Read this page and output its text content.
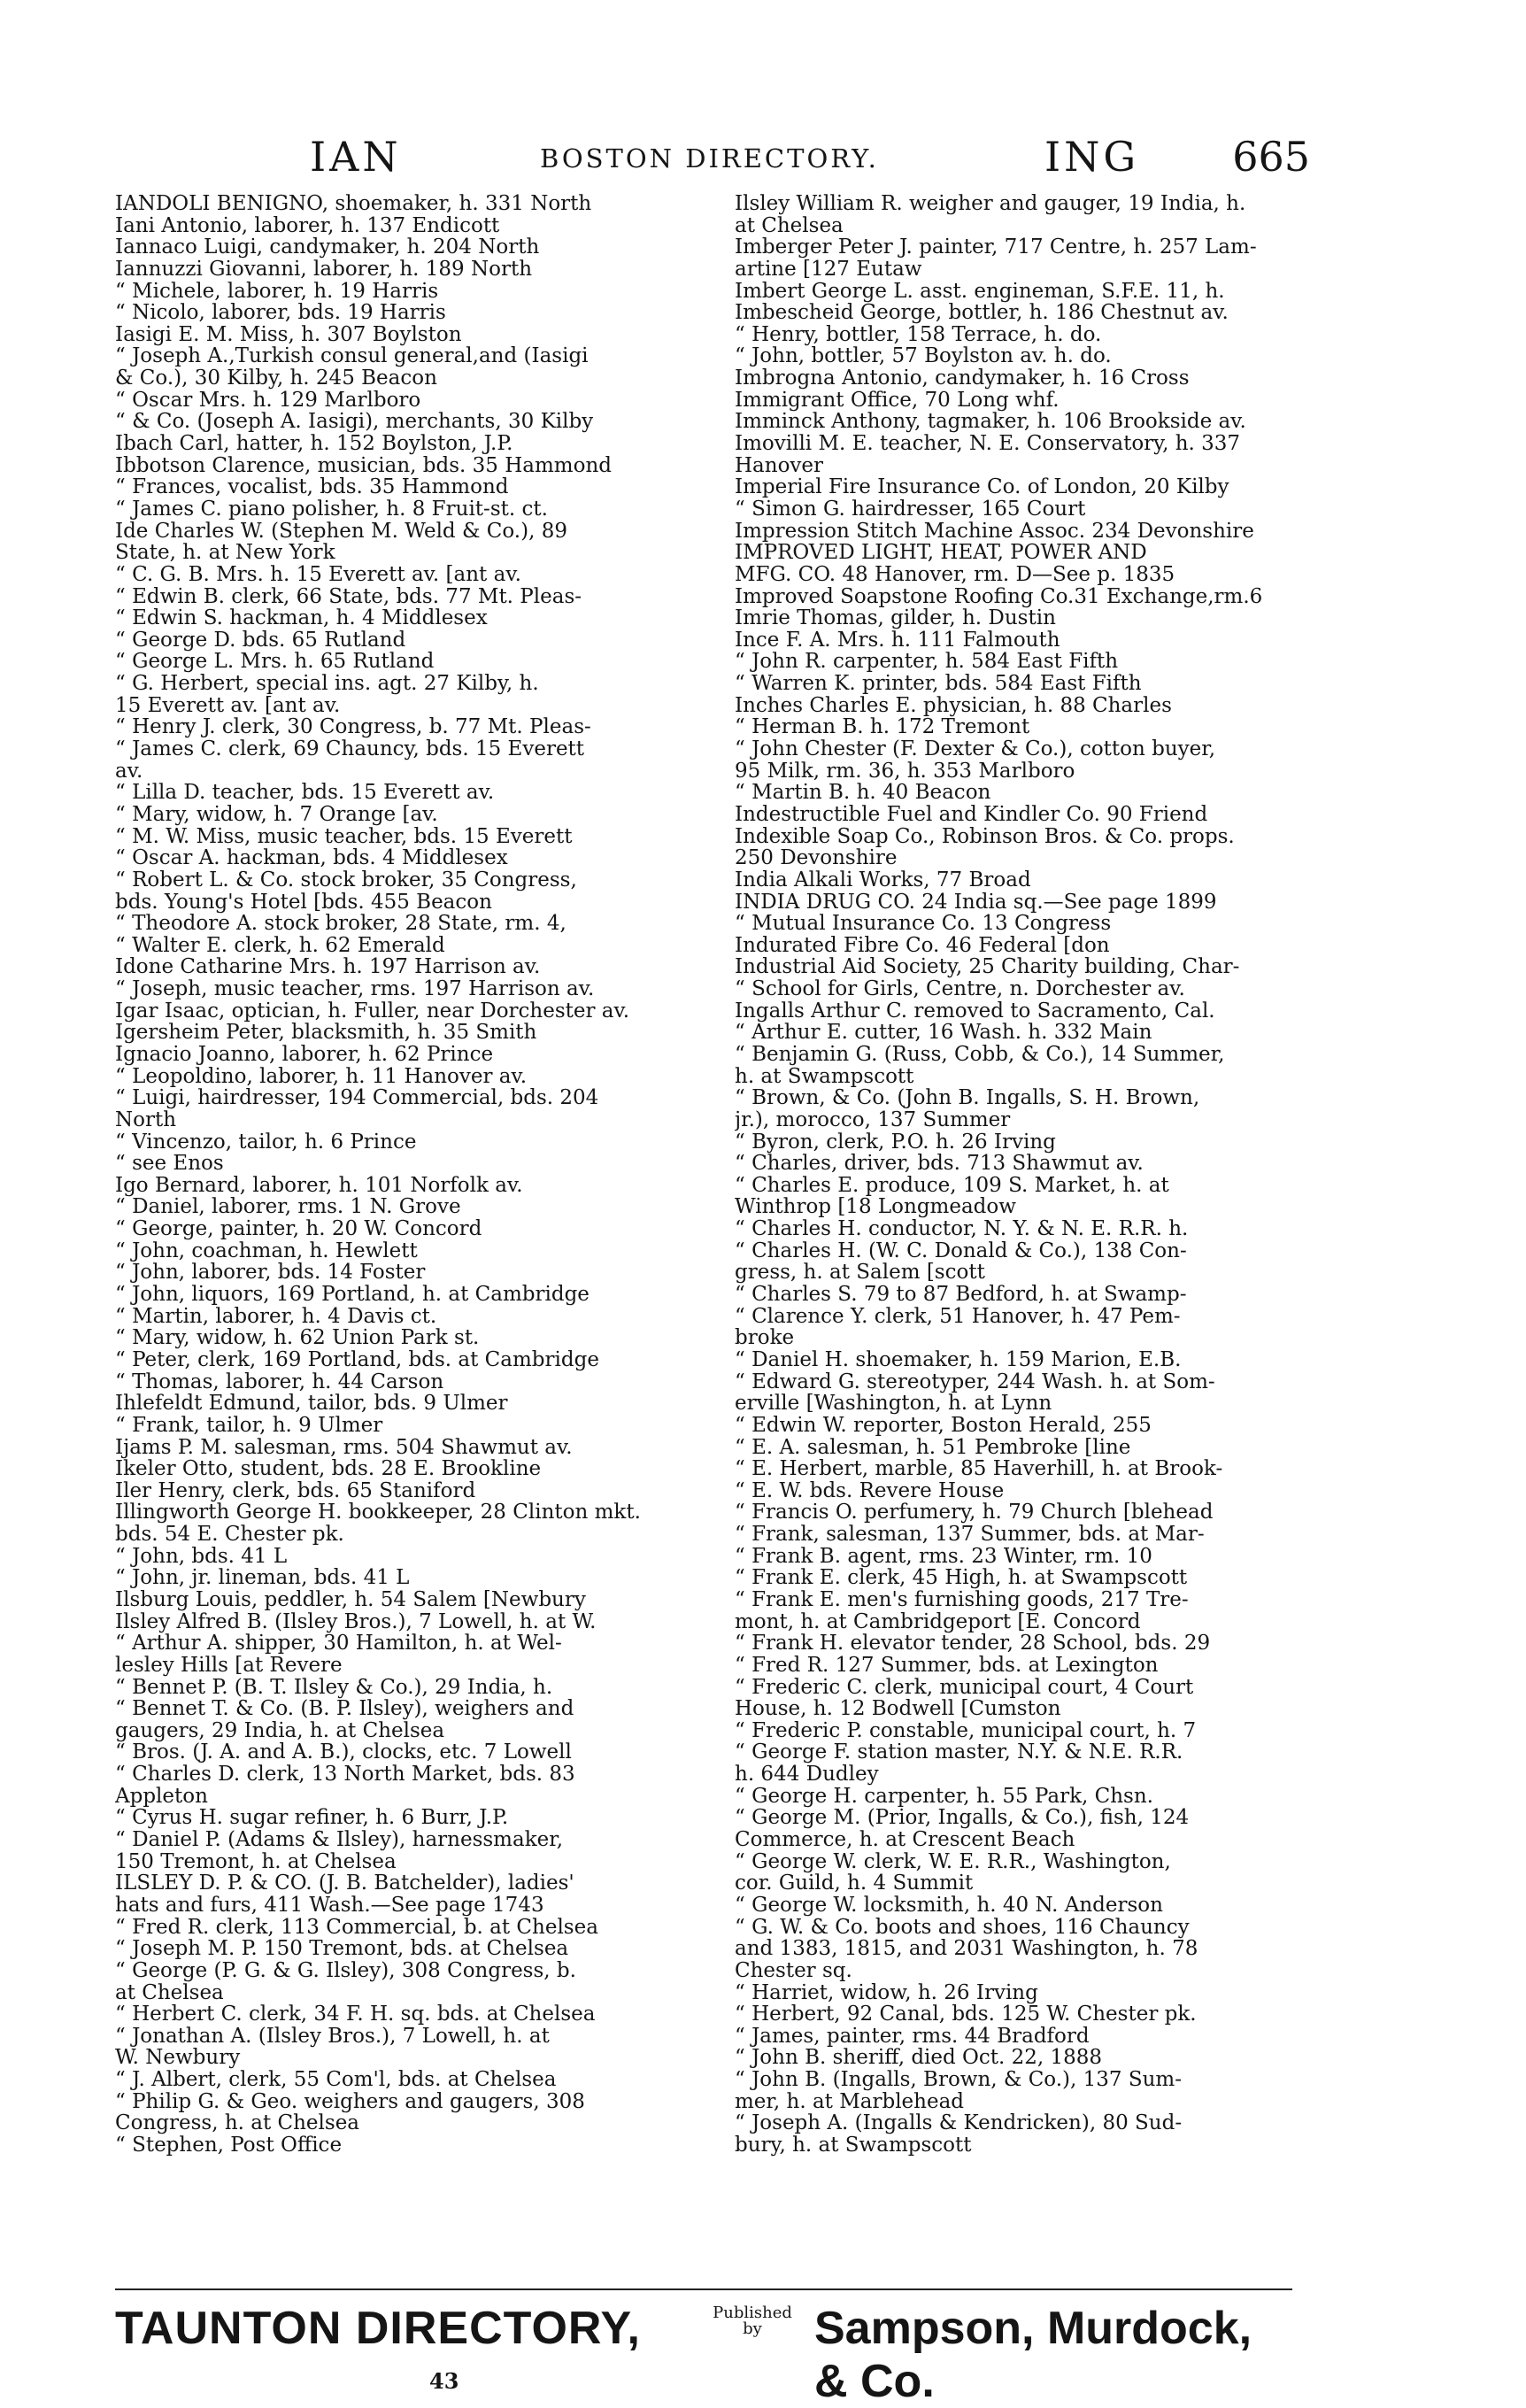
IAN	BOSTON DIRECTORY.	ING 665
IANDOLI BENIGNO, shoemaker, h. 331 North
Iani Antonio, laborer, h. 137 Endicott
Iannaco Luigi, candymaker, h. 204 North
Iannuzzi Giovanni, laborer, h. 189 North
“ Michele, laborer, h. 19 Harris
“ Nicolo, laborer, bds. 19 Harris
Iasigi E. M. Miss, h. 307 Boylston
“ Joseph A.,Turkish consul general,and (Iasigi
& Co.), 30 Kilby, h. 245 Beacon
“ Oscar Mrs. h. 129 Marlboro
“ & Co. (Joseph A. Iasigi), merchants, 30 Kilby
Ibach Carl, hatter, h. 152 Boylston, J.P.
Ibbotson Clarence, musician, bds. 35 Hammond
“ Frances, vocalist, bds. 35 Hammond
“ James C. piano polisher, h. 8 Fruit-st. ct.
Ide Charles W. (Stephen M. Weld & Co.), 89
State, h. at New York
“ C. G. B. Mrs. h. 15 Everett av. [ant av.
“ Edwin B. clerk, 66 State, bds. 77 Mt. Pleas-
“ Edwin S. hackman, h. 4 Middlesex
“ George D. bds. 65 Rutland
“ George L. Mrs. h. 65 Rutland
“ G. Herbert, special ins. agt. 27 Kilby, h.
15 Everett av. [ant av.
“ Henry J. clerk, 30 Congress, b. 77 Mt. Pleas-
“ James C. clerk, 69 Chauncy, bds. 15 Everett
av.
“ Lilla D. teacher, bds. 15 Everett av.
“ Mary, widow, h. 7 Orange [av.
“ M. W. Miss, music teacher, bds. 15 Everett
“ Oscar A. hackman, bds. 4 Middlesex
“ Robert L. & Co. stock broker, 35 Congress,
bds. Young's Hotel [bds. 455 Beacon
“ Theodore A. stock broker, 28 State, rm. 4,
“ Walter E. clerk, h. 62 Emerald
Idone Catharine Mrs. h. 197 Harrison av.
“ Joseph, music teacher, rms. 197 Harrison av.
Igar Isaac, optician, h. Fuller, near Dorchester av.
Igersheim Peter, blacksmith, h. 35 Smith
Ignacio Joanno, laborer, h. 62 Prince
“ Leopoldino, laborer, h. 11 Hanover av.
“ Luigi, hairdresser, 194 Commercial, bds. 204
North
“ Vincenzo, tailor, h. 6 Prince
“ see Enos
Igo Bernard, laborer, h. 101 Norfolk av.
“ Daniel, laborer, rms. 1 N. Grove
“ George, painter, h. 20 W. Concord
“ John, coachman, h. Hewlett
“ John, laborer, bds. 14 Foster
“ John, liquors, 169 Portland, h. at Cambridge
“ Martin, laborer, h. 4 Davis ct.
“ Mary, widow, h. 62 Union Park st.
“ Peter, clerk, 169 Portland, bds. at Cambridge
“ Thomas, laborer, h. 44 Carson
Ihlefeldt Edmund, tailor, bds. 9 Ulmer
“ Frank, tailor, h. 9 Ulmer
Ijams P. M. salesman, rms. 504 Shawmut av.
Ikeler Otto, student, bds. 28 E. Brookline
Iler Henry, clerk, bds. 65 Staniford
Illingworth George H. bookkeeper, 28 Clinton mkt.
bds. 54 E. Chester pk.
“ John, bds. 41 L
“ John, jr. lineman, bds. 41 L
Ilsburg Louis, peddler, h. 54 Salem [Newbury
Ilsley Alfred B. (Ilsley Bros.), 7 Lowell, h. at W.
“ Arthur A. shipper, 30 Hamilton, h. at Wel-
lesley Hills [at Revere
“ Bennet P. (B. T. Ilsley & Co.), 29 India, h.
“ Bennet T. & Co. (B. P. Ilsley), weighers and
gaugers, 29 India, h. at Chelsea
“ Bros. (J. A. and A. B.), clocks, etc. 7 Lowell
“ Charles D. clerk, 13 North Market, bds. 83
Appleton
“ Cyrus H. sugar refiner, h. 6 Burr, J.P.
“ Daniel P. (Adams & Ilsley), harnessmaker,
150 Tremont, h. at Chelsea
ILSLEY D. P. & CO. (J. B. Batchelder), ladies'
hats and furs, 411 Wash.—See page 1743
“ Fred R. clerk, 113 Commercial, b. at Chelsea
“ Joseph M. P. 150 Tremont, bds. at Chelsea
“ George (P. G. & G. Ilsley), 308 Congress, b.
at Chelsea
“ Herbert C. clerk, 34 F. H. sq. bds. at Chelsea
“ Jonathan A. (Ilsley Bros.), 7 Lowell, h. at
W. Newbury
“ J. Albert, clerk, 55 Com'l, bds. at Chelsea
“ Philip G. & Geo. weighers and gaugers, 308
Congress, h. at Chelsea
“ Stephen, Post Office
Ilsley William R. weigher and gauger, 19 India, h.
at Chelsea
Imberger Peter J. painter, 717 Centre, h. 257 Lam-
artine [127 Eutaw
Imbert George L. asst. engineman, S.F.E. 11, h.
Imbescheid George, bottler, h. 186 Chestnut av.
“ Henry, bottler, 158 Terrace, h. do.
“ John, bottler, 57 Boylston av. h. do.
Imbrogna Antonio, candymaker, h. 16 Cross
Immigrant Office, 70 Long whf.
Imminck Anthony, tagmaker, h. 106 Brookside av.
Imovilli M. E. teacher, N. E. Conservatory, h. 337
Hanover
Imperial Fire Insurance Co. of London, 20 Kilby
“ Simon G. hairdresser, 165 Court
Impression Stitch Machine Assoc. 234 Devonshire
IMPROVED LIGHT, HEAT, POWER AND
MFG. CO. 48 Hanover, rm. D—See p. 1835
Improved Soapstone Roofing Co.31 Exchange,rm.6
Imrie Thomas, gilder, h. Dustin
Ince F. A. Mrs. h. 111 Falmouth
“ John R. carpenter, h. 584 East Fifth
“ Warren K. printer, bds. 584 East Fifth
Inches Charles E. physician, h. 88 Charles
“ Herman B. h. 172 Tremont
“ John Chester (F. Dexter & Co.), cotton buyer,
95 Milk, rm. 36, h. 353 Marlboro
“ Martin B. h. 40 Beacon
Indestructible Fuel and Kindler Co. 90 Friend
Indexible Soap Co., Robinson Bros. & Co. props.
250 Devonshire
India Alkali Works, 77 Broad
INDIA DRUG CO. 24 India sq.—See page 1899
“ Mutual Insurance Co. 13 Congress
Indurated Fibre Co. 46 Federal [don
Industrial Aid Society, 25 Charity building, Char-
“ School for Girls, Centre, n. Dorchester av.
Ingalls Arthur C. removed to Sacramento, Cal.
“ Arthur E. cutter, 16 Wash. h. 332 Main
“ Benjamin G. (Russ, Cobb, & Co.), 14 Summer,
h. at Swampscott
“ Brown, & Co. (John B. Ingalls, S. H. Brown,
jr.), morocco, 137 Summer
“ Byron, clerk, P.O. h. 26 Irving
“ Charles, driver, bds. 713 Shawmut av.
“ Charles E. produce, 109 S. Market, h. at
Winthrop [18 Longmeadow
“ Charles H. conductor, N. Y. & N. E. R.R. h.
“ Charles H. (W. C. Donald & Co.), 138 Con-
gress, h. at Salem [scott
“ Charles S. 79 to 87 Bedford, h. at Swamp-
“ Clarence Y. clerk, 51 Hanover, h. 47 Pem-
broke
“ Daniel H. shoemaker, h. 159 Marion, E.B.
“ Edward G. stereotyper, 244 Wash. h. at Som-
erville [Washington, h. at Lynn
“ Edwin W. reporter, Boston Herald, 255
“ E. A. salesman, h. 51 Pembroke [line
“ E. Herbert, marble, 85 Haverhill, h. at Brook-
“ E. W. bds. Revere House
“ Francis O. perfumery, h. 79 Church [blehead
“ Frank, salesman, 137 Summer, bds. at Mar-
“ Frank B. agent, rms. 23 Winter, rm. 10
“ Frank E. clerk, 45 High, h. at Swampscott
“ Frank E. men's furnishing goods, 217 Tre-
mont, h. at Cambridgeport [E. Concord
“ Frank H. elevator tender, 28 School, bds. 29
“ Fred R. 127 Summer, bds. at Lexington
“ Frederic C. clerk, municipal court, 4 Court
House, h. 12 Bodwell [Cumston
“ Frederic P. constable, municipal court, h. 7
“ George F. station master, N.Y. & N.E. R.R.
h. 644 Dudley
“ George H. carpenter, h. 55 Park, Chsn.
“ George M. (Prior, Ingalls, & Co.), fish, 124
Commerce, h. at Crescent Beach
“ George W. clerk, W. E. R.R., Washington,
cor. Guild, h. 4 Summit
“ George W. locksmith, h. 40 N. Anderson
“ G. W. & Co. boots and shoes, 116 Chauncy
and 1383, 1815, and 2031 Washington, h. 78
Chester sq.
“ Harriet, widow, h. 26 Irving
“ Herbert, 92 Canal, bds. 125 W. Chester pk.
“ James, painter, rms. 44 Bradford
“ John B. sheriff, died Oct. 22, 1888
“ John B. (Ingalls, Brown, & Co.), 137 Sum-
mer, h. at Marblehead
“ Joseph A. (Ingalls & Kendricken), 80 Sud-
bury, h. at Swampscott
TAUNTON DIRECTORY,	Published by	Sampson, Murdock, & Co.
43
